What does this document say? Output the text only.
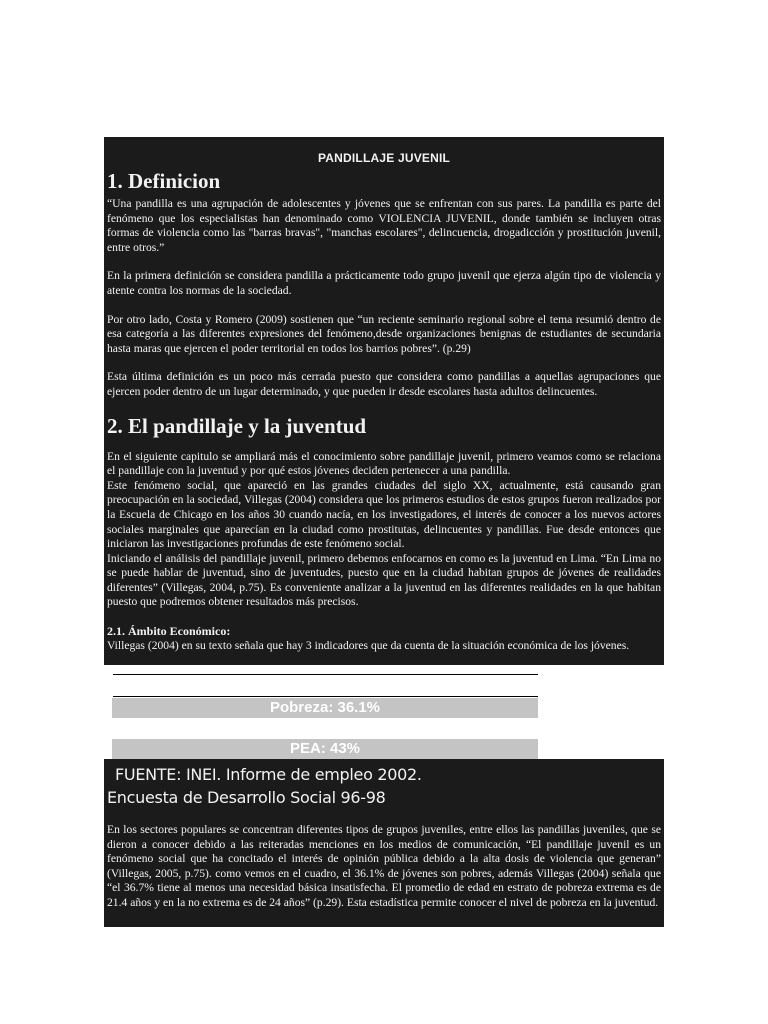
PANDILLAJE JUVENIL
1. Definicion

“Una pandilla es una agrupación de adolescentes y jóvenes que se enfrentan con sus pares. La pandilla es parte del fenómeno que los especialistas han denominado como VIOLENCIA JUVENIL, donde también se incluyen otras formas de violencia como las "barras bravas", "manchas escolares", delincuencia, drogadicción y prostitución juvenil, entre otros.”

En la primera definición se considera pandilla a prácticamente todo grupo juvenil que ejerza algún tipo de violencia y atente contra los normas de la sociedad.

Por otro lado, Costa y Romero (2009) sostienen que “un reciente seminario regional sobre el tema resumió dentro de esa categoría a las diferentes expresiones del fenómeno,desde organizaciones benignas de estudiantes de secundaria hasta maras que ejercen el poder territorial en todos los barrios pobres”. (p.29)

Esta última definición es un poco más cerrada puesto que considera como pandillas a aquellas agrupaciones que ejercen poder dentro de un lugar determinado, y que pueden ir desde escolares hasta adultos delincuentes.

2. El pandillaje y la juventud

En el siguiente capitulo se ampliará más el conocimiento sobre pandillaje juvenil, primero veamos como se relaciona el pandillaje con la juventud y por qué estos jóvenes deciden pertenecer a una pandilla.

Este fenómeno social, que apareció en las grandes ciudades del siglo XX, actualmente, está causando gran preocupación en la sociedad, Villegas (2004) considera que los primeros estudios de estos grupos fueron realizados por la Escuela de Chicago en los años 30 cuando nacía, en los investigadores, el interés de conocer a los nuevos actores sociales marginales que aparecían en la ciudad como prostitutas, delincuentes y pandillas. Fue desde entonces que iniciaron las investigaciones profundas de este fenómeno social.

Iniciando el análisis del pandillaje juvenil, primero debemos enfocarnos en como es la juventud en Lima. “En Lima no se puede hablar de juventud, sino de juventudes, puesto que en la ciudad habitan grupos de jóvenes de realidades diferentes” (Villegas, 2004, p.75). Es conveniente analizar a la juventud en las diferentes realidades en la que habitan puesto que podremos obtener resultados más precisos.

2.1. Ámbito Económico:

Villegas (2004) en su texto señala que hay 3 indicadores que da cuenta de la situación económica de los jóvenes.

Pobreza: 36.1%
PEA: 43%
FUENTE: INEI. Informe de empleo 2002.
Encuesta de Desarrollo Social 96-98

En los sectores populares se concentran diferentes tipos de grupos juveniles, entre ellos las pandillas juveniles, que se dieron a conocer debido a las reiteradas menciones en los medios de comunicación, “El pandillaje juvenil es un fenómeno social que ha concitado el interés de opinión pública debido a la alta dosis de violencia que generan” (Villegas, 2005, p.75). como vemos en el cuadro, el 36.1% de jóvenes son pobres, además Villegas (2004) señala que “el 36.7% tiene al menos una necesidad básica insatisfecha. El promedio de edad en estrato de pobreza extrema es de 21.4 años y en la no extrema es de 24 años” (p.29). Esta estadística permite conocer el nivel de pobreza en la juventud.
